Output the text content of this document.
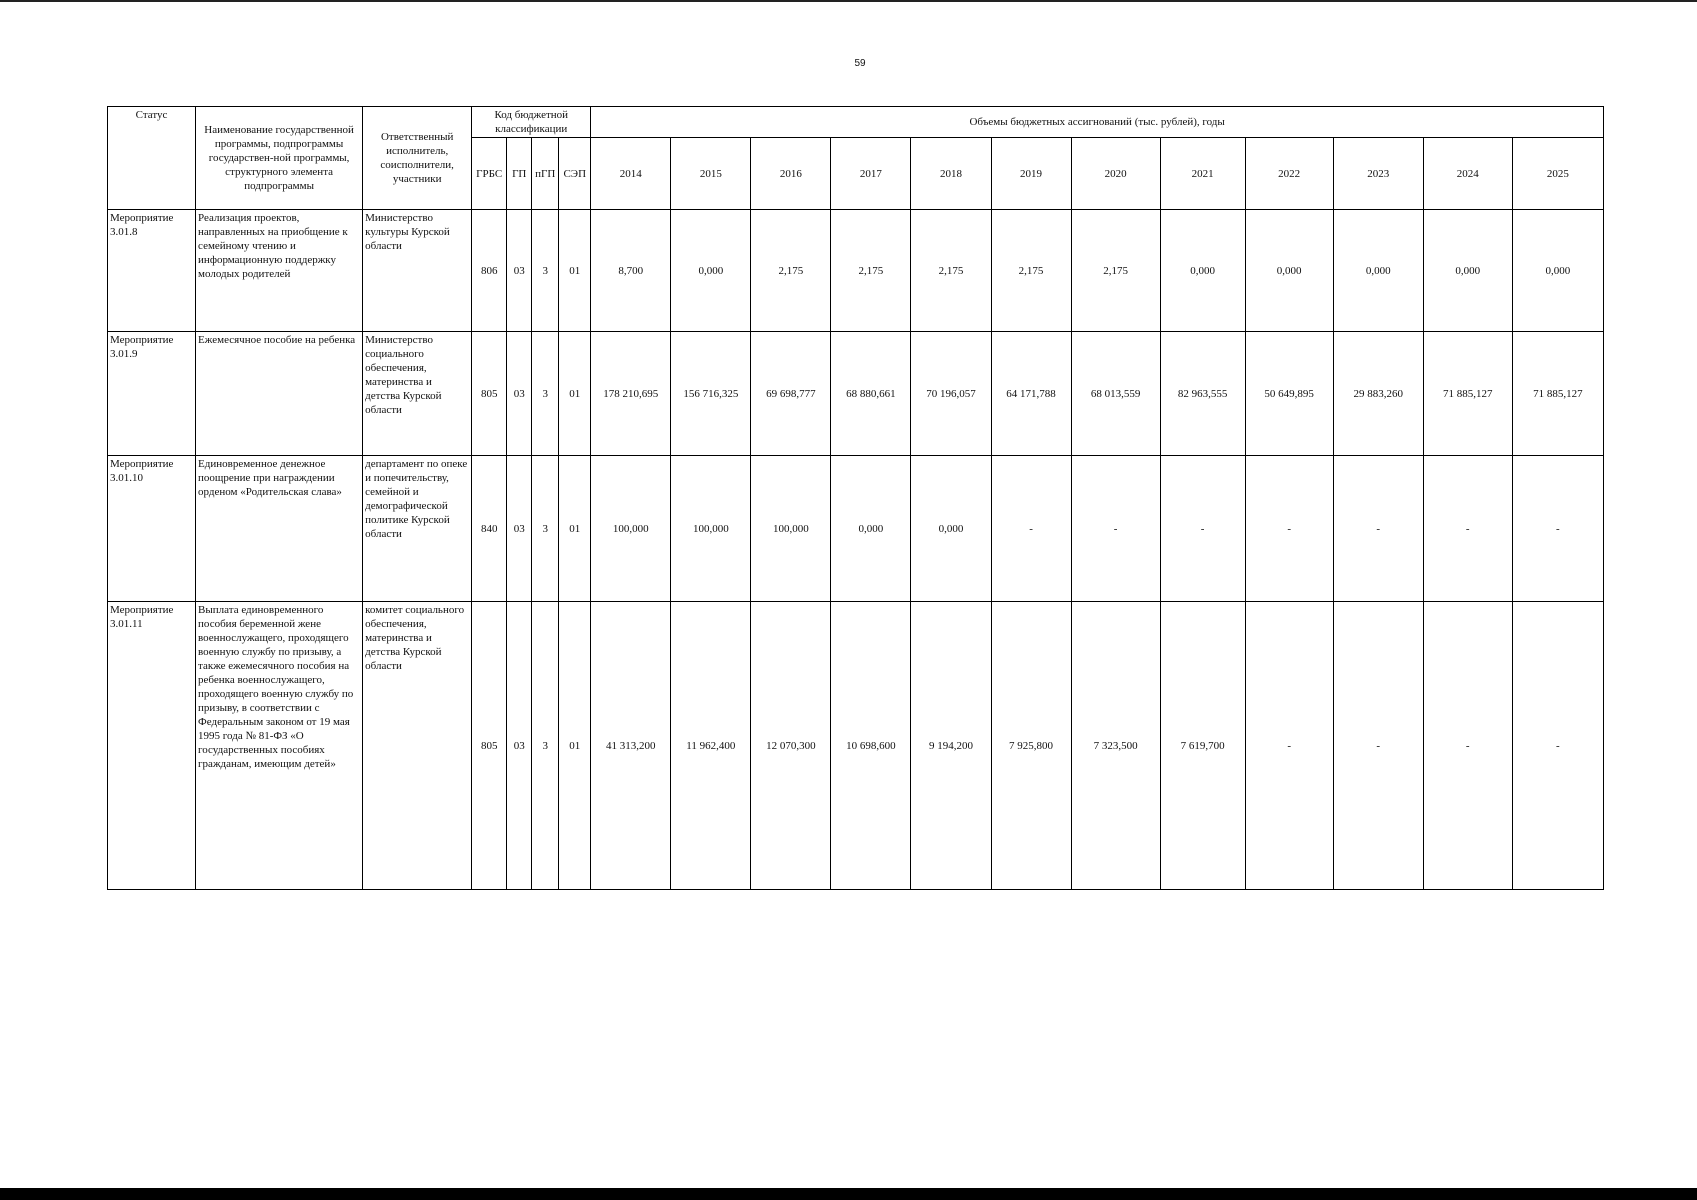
59
Статус	Наименование государственной программы, подпрограммы государствен-ной программы, структурного элемента подпрограммы	Ответственный исполнитель, соисполнители, участники	Код бюджетной классификации				Объемы бюджетных ассигнований (тыс. рублей), годы											
			ГРБС	ГП	пГП	СЭП	2014	2015	2016	2017	2018	2019	2020	2021	2022	2023	2024	2025
Мероприятие 3.01.8	Реализация проектов, направленных на приобщение к семейному чтению и информационную поддержку молодых родителей	Министерство культуры Курской области	806	03	3	01	8,700	0,000	2,175	2,175	2,175	2,175	2,175	0,000	0,000	0,000	0,000	0,000
Мероприятие 3.01.9	Ежемесячное пособие на ребенка	Министерство социального обеспечения, материнства и детства Курской области	805	03	3	01	178 210,695	156 716,325	69 698,777	68 880,661	70 196,057	64 171,788	68 013,559	82 963,555	50 649,895	29 883,260	71 885,127	71 885,127
Мероприятие 3.01.10	Единовременное денежное поощрение при награждении орденом «Родительская слава»	департамент по опеке и попечительству, семейной и демографической политике Курской области	840	03	3	01	100,000	100,000	100,000	0,000	0,000	-	-	-	-	-	-	-
Мероприятие 3.01.11	Выплата единовременного пособия беременной жене военнослужащего, проходящего военную службу по призыву, а также ежемесячного пособия на ребенка военнослужащего, проходящего военную службу по призыву, в соответствии с Федеральным законом от 19 мая 1995 года № 81-ФЗ «О государственных пособиях гражданам, имеющим детей»	комитет социального обеспечения, материнства и детства Курской области	805	03	3	01	41 313,200	11 962,400	12 070,300	10 698,600	9 194,200	7 925,800	7 323,500	7 619,700	-	-	-	-
